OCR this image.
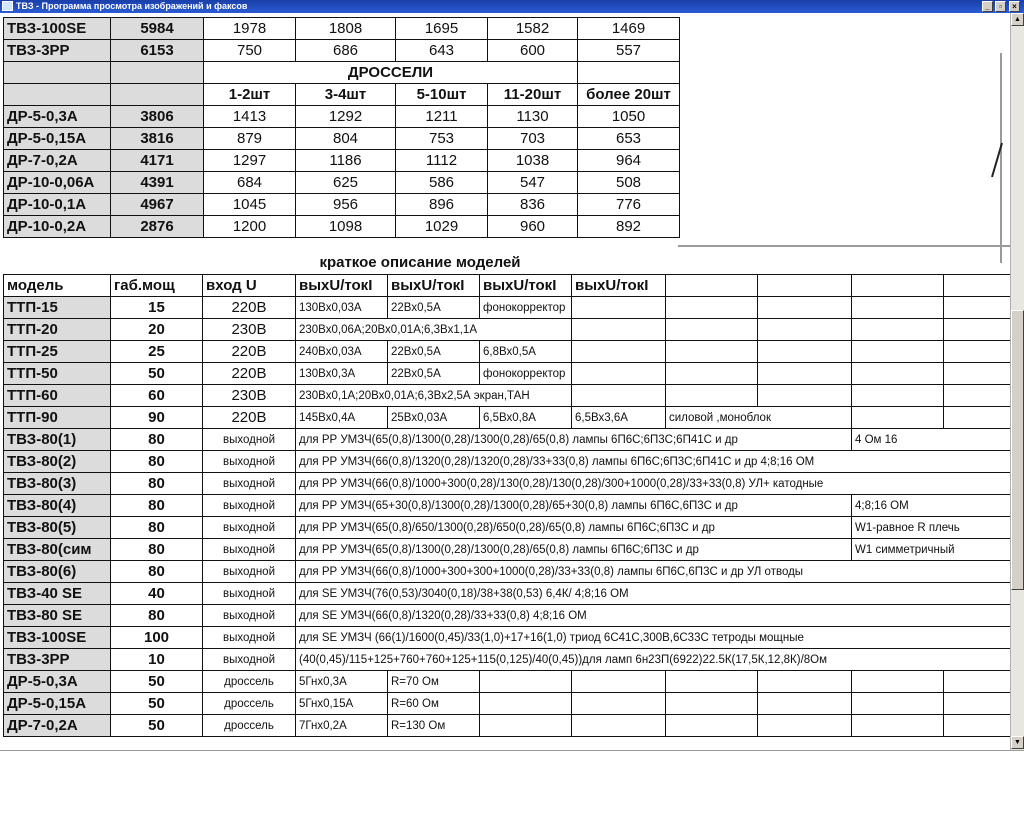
ТВЗ - Программа просмотра изображений и факсов	_	▫	×
ТВЗ-100SE	5984	1978	1808	1695	1582	1469
ТВЗ-3РР	6153	750	686	643	600	557
		ДРОССЕЛИ				
		1-2шт	3-4шт	5-10шт	11-20шт	более 20шт
ДР-5-0,3А	3806	1413	1292	1211	1130	1050
ДР-5-0,15А	3816	879	804	753	703	653
ДР-7-0,2А	4171	1297	1186	1112	1038	964
ДР-10-0,06А	4391	684	625	586	547	508
ДР-10-0,1А	4967	1045	956	896	836	776
ДР-10-0,2А	2876	1200	1098	1029	960	892
краткое описание моделей
модель	габ.мощ	вход U	выхU/токI	выхU/токI	выхU/токI	выхU/токI				
ТТП-15	15	220В	130Вх0,03А	22Вх0,5А	фонокорректор					
ТТП-20	20	230В	230Вх0,06А;20Вх0,01А;6,3Вх1,1А							
ТТП-25	25	220В	240Вх0,03А	22Вх0,5А	6,8Вх0,5А					
ТТП-50	50	220В	130Вх0,3А	22Вх0,5А	фонокорректор					
ТТП-60	60	230В	230Вх0,1А;20Вх0,01А;6,3Вх2,5А экран,ТАН							
ТТП-90	90	220В	145Вх0,4А	25Вх0,03А	6,5Вх0,8А	6,5Вх3,6А	силовой ,моноблок			
ТВЗ-80(1)	80	выходной	для РР УМЗЧ(65(0,8)/1300(0,28)/1300(0,28)/65(0,8) лампы 6П6С;6П3С;6П41С и др						4 Ом 16	
ТВЗ-80(2)	80	выходной	для РР УМЗЧ(66(0,8)/1320(0,28)/1320(0,28)/33+33(0,8) лампы 6П6С;6П3С;6П41С и др 4;8;16 ОМ							
ТВЗ-80(3)	80	выходной	для РР УМЗЧ(66(0,8)/1000+300(0,28)/130(0,28)/130(0,28)/300+1000(0,28)/33+33(0,8) УЛ+ катодные							
ТВЗ-80(4)	80	выходной	для РР УМЗЧ(65+30(0,8)/1300(0,28)/1300(0,28)/65+30(0,8) лампы 6П6С,6П3С и др						4;8;16 ОМ	
ТВЗ-80(5)	80	выходной	для РР УМЗЧ(65(0,8)/650/1300(0,28)/650(0,28)/65(0,8) лампы 6П6С;6П3С и др						W1-равное R плечь	
ТВЗ-80(сим	80	выходной	для РР УМЗЧ(65(0,8)/1300(0,28)/1300(0,28)/65(0,8) лампы 6П6С;6П3С и др						W1 симметричный	
ТВЗ-80(6)	80	выходной	для РР УМЗЧ(66(0,8)/1000+300+300+1000(0,28)/33+33(0,8) лампы 6П6С,6П3С и др УЛ отводы							
ТВЗ-40 SE	40	выходной	для SE УМЗЧ(76(0,53)/3040(0,18)/38+38(0,53) 6,4К/ 4;8;16 ОМ							
ТВЗ-80 SE	80	выходной	для SE УМЗЧ(66(0,8)/1320(0,28)/33+33(0,8) 4;8;16 ОМ							
ТВЗ-100SE	100	выходной	для SE УМЗЧ (66(1)/1600(0,45)/33(1,0)+17+16(1,0) триод 6С41С,300В,6С33С тетроды мощные							
ТВЗ-3РР	10	выходной	(40(0,45)/115+125+760+760+125+115(0,125)/40(0,45))для ламп 6н23П(6922)22.5К(17,5К,12,8К)/8Ом							
ДР-5-0,3А	50	дроссель	5Гнх0,3А	R=70 Ом						
ДР-5-0,15А	50	дроссель	5Гнх0,15А	R=60 Ом						
ДР-7-0,2А	50	дроссель	7Гнх0,2А	R=130 Ом						
▲
▼
